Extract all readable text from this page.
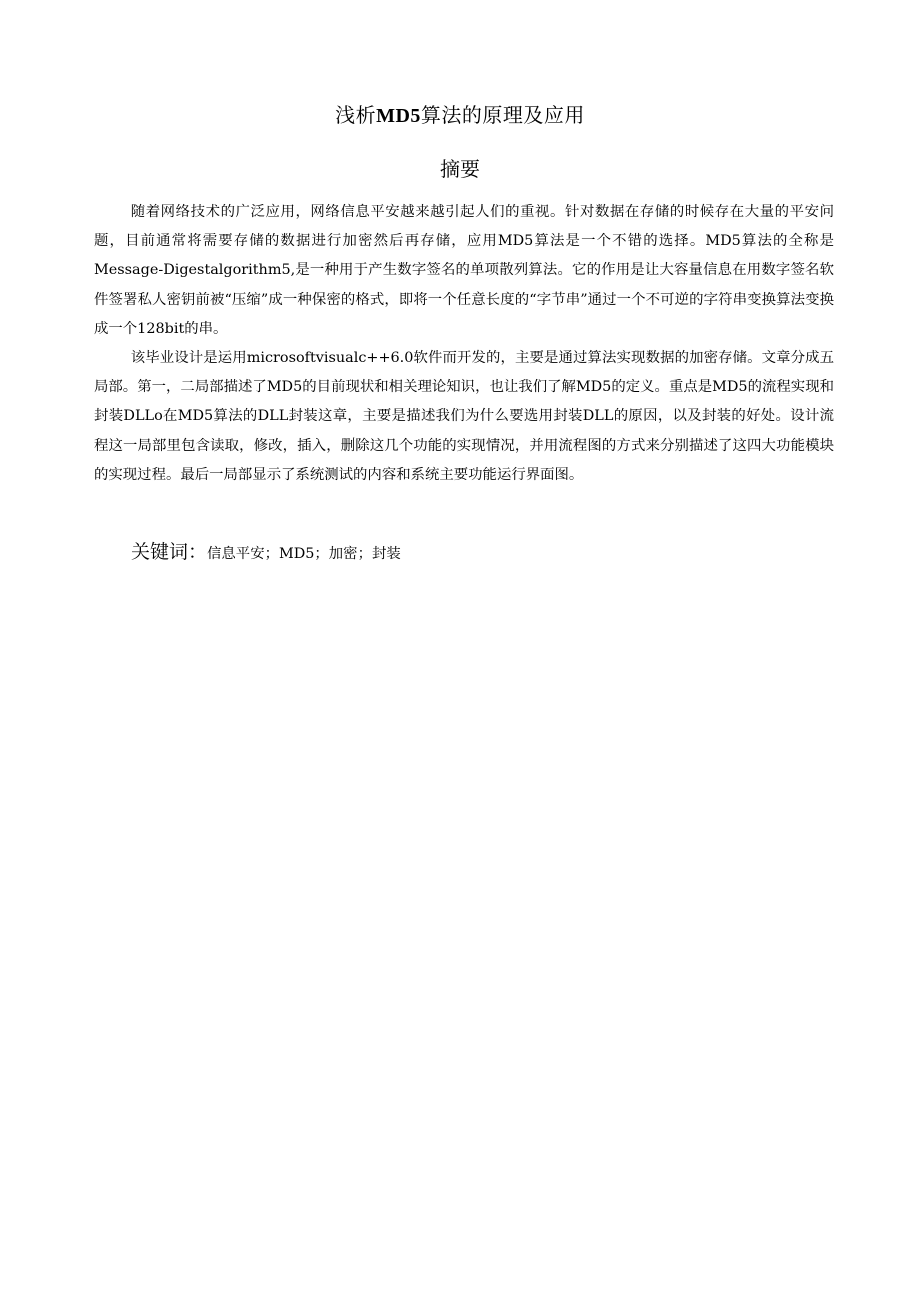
浅析MD5算法的原理及应用
摘要

随着网络技术的广泛应用，网络信息平安越来越引起人们的重视。针对数据在存储的时候存在大量的平安问题，目前通常将需要存储的数据进行加密然后再存储，应用MD5算法是一个不错的选择。MD5算法的全称是Message-Digestalgorithm5,是一种用于产生数字签名的单项散列算法。它的作用是让大容量信息在用数字签名软件签署私人密钥前被“压缩”成一种保密的格式，即将一个任意长度的“字节串”通过一个不可逆的字符串变换算法变换成一个128bit的串。

该毕业设计是运用microsoftvisualc++6.0软件而开发的，主要是通过算法实现数据的加密存储。文章分成五局部。第一，二局部描述了MD5的目前现状和相关理论知识，也让我们了解MD5的定义。重点是MD5的流程实现和封装DLLo在MD5算法的DLL封装这章，主要是描述我们为什么要选用封装DLL的原因，以及封装的好处。设计流程这一局部里包含读取，修改，插入，删除这几个功能的实现情况，并用流程图的方式来分别描述了这四大功能模块的实现过程。最后一局部显示了系统测试的内容和系统主要功能运行界面图。

关键词：信息平安；MD5；加密；封装
